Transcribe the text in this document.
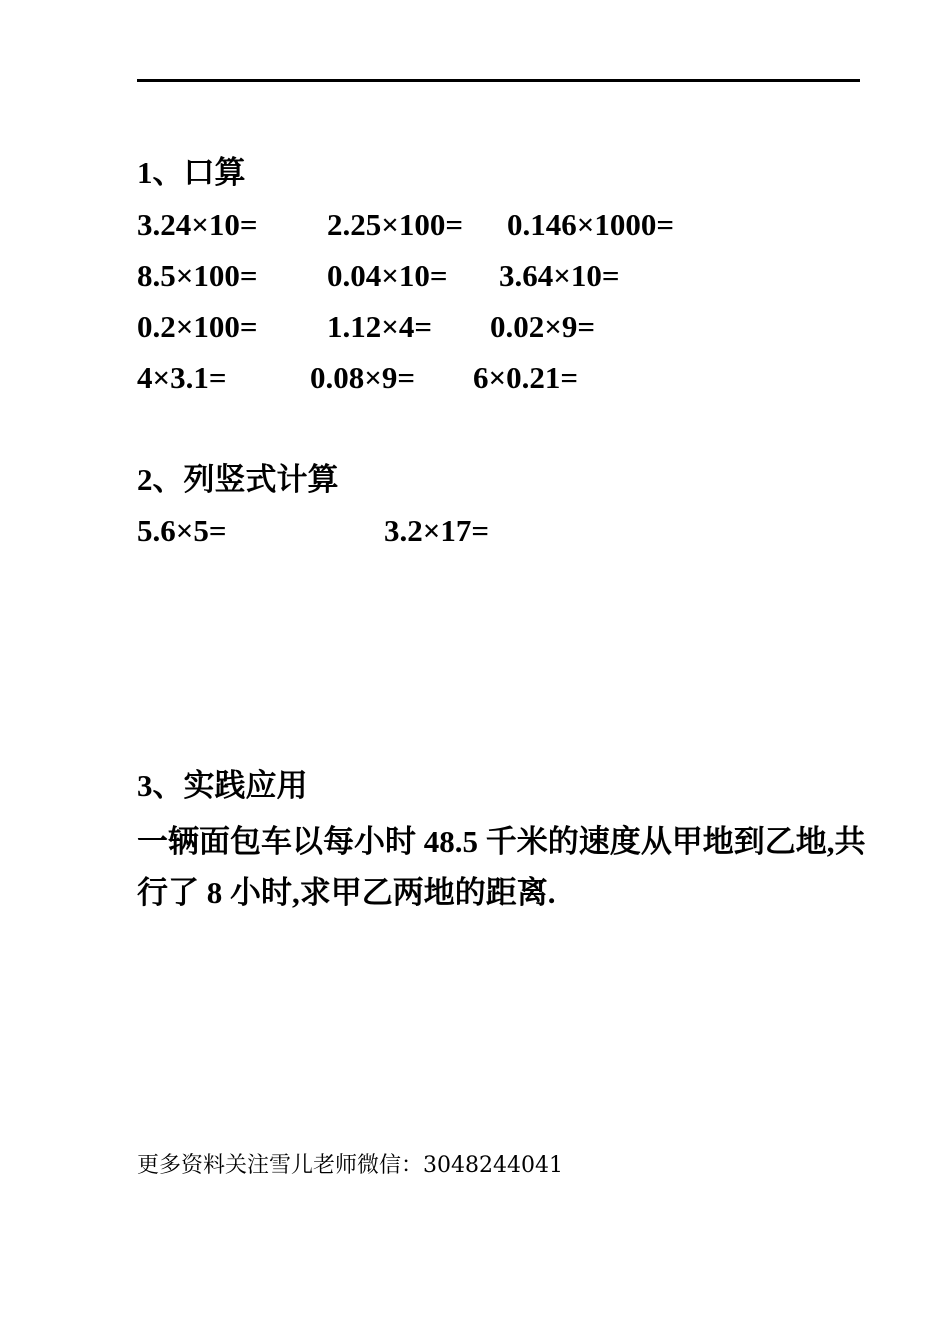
1、口算
3.24×10= 2.25×100= 0.146×1000=
8.5×100= 0.04×10= 3.64×10=
0.2×100= 1.12×4= 0.02×9=
4×3.1=	0.08×9= 6×0.21=
2、列竖式计算
5.6×5=	3.2×17=
3、实践应用
一辆面包车以每小时 48.5 千米的速度从甲地到乙地,共行了 8 小时,求甲乙两地的距离.
更多资料关注雪儿老师微信：3048244041
